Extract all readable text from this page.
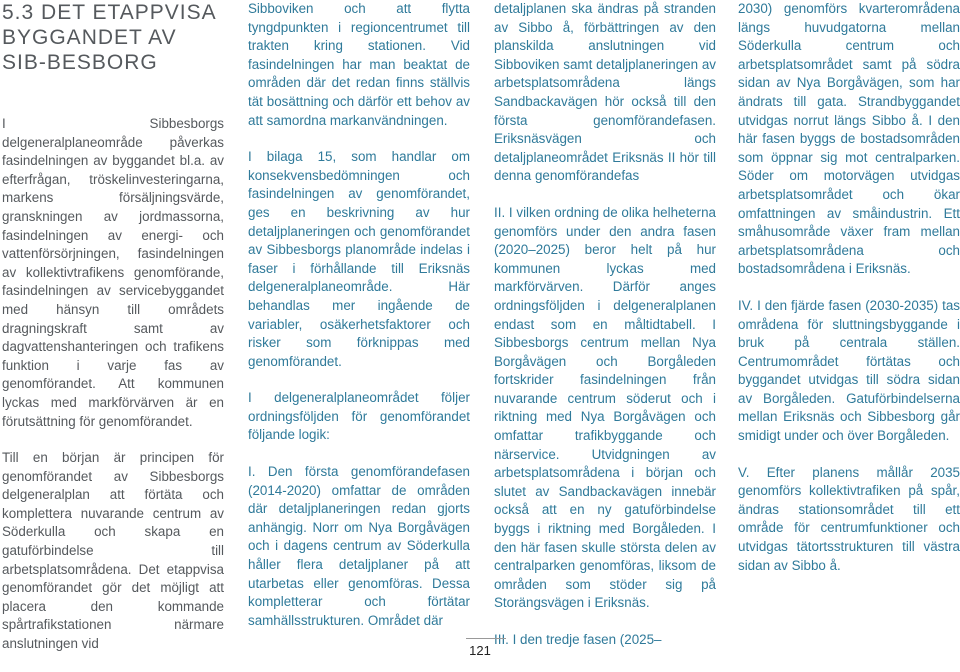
5.3 DET ETAPPVISA BYGGANDET AV SIB-BESBORG

I Sibbesborgs delgeneralplaneområde påverkas fasindelningen av byggandet bl.a. av efterfrågan, tröskelinvesteringarna, markens försäljningsvärde, granskningen av jordmassorna, fasindelningen av energi- och vattenförsörjningen, fasindelningen av kollektivtrafikens genomförande, fasindelningen av servicebyggandet med hänsyn till områdets dragningskraft samt av dagvattenshanteringen och trafikens funktion i varje fas av genomförandet. Att kommunen lyckas med markförvärven är en förutsättning för genomförandet.

Till en början är principen för genomförandet av Sibbesborgs delgeneralplan att förtäta och komplettera nuvarande centrum av Söderkulla och skapa en gatuförbindelse till arbetsplatsområdena. Det etappvisa genomförandet gör det möjligt att placera den kommande spårtrafikstationen närmare anslutningen vid

Sibboviken och att flytta tyngdpunkten i regioncentrumet till trakten kring stationen. Vid fasindelningen har man beaktat de områden där det redan finns ställvis tät bosättning och därför ett behov av att samordna markanvändningen.

I bilaga 15, som handlar om konsekvensbedömningen och fasindelningen av genomförandet, ges en beskrivning av hur detaljplaneringen och genomförandet av Sibbesborgs planområde indelas i faser i förhållande till Eriksnäs delgeneralplaneområde. Här behandlas mer ingående de variabler, osäkerhetsfaktorer och risker som förknippas med genomförandet.

I delgeneralplaneområdet följer ordningsföljden för genomförandet följande logik:

I. Den första genomförandefasen (2014-2020) omfattar de områden där detaljplaneringen redan gjorts anhängig. Norr om Nya Borgåvägen och i dagens centrum av Söderkulla håller flera detaljplaner på att utarbetas eller genomföras. Dessa kompletterar och förtätar samhällsstrukturen. Området där

detaljplanen ska ändras på stranden av Sibbo å, förbättringen av den planskilda anslutningen vid Sibboviken samt detaljplaneringen av arbetsplatsområdena längs Sandbackavägen hör också till den första genomförandefasen. Eriksnäsvägen och detaljplaneområdet Eriksnäs II hör till denna genomförandefas

II. I vilken ordning de olika helheterna genomförs under den andra fasen (2020–2025) beror helt på hur kommunen lyckas med markförvärven. Därför anges ordningsföljden i delgeneralplanen endast som en måltidtabell. I Sibbesborgs centrum mellan Nya Borgåvägen och Borgåleden fortskrider fasindelningen från nuvarande centrum söderut och i riktning med Nya Borgåvägen och omfattar trafikbyggande och närservice. Utvidgningen av arbetsplatsområdena i början och slutet av Sandbackavägen innebär också att en ny gatuförbindelse byggs i riktning med Borgåleden. I den här fasen skulle största delen av centralparken genomföras, liksom de områden som stöder sig på Storängsvägen i Eriksnäs.

III. I den tredje fasen (2025–

2030) genomförs kvarterområdena längs huvudgatorna mellan Söderkulla centrum och arbetsplatsområdet samt på södra sidan av Nya Borgåvägen, som har ändrats till gata. Strandbyggandet utvidgas norrut längs Sibbo å. I den här fasen byggs de bostadsområden som öppnar sig mot centralparken. Söder om motorvägen utvidgas arbetsplatsområdet och ökar omfattningen av småindustrin. Ett småhusområde växer fram mellan arbetsplatsområdena och bostadsområdena i Eriksnäs.

IV. I den fjärde fasen (2030-2035) tas områdena för sluttningsbyggande i bruk på centrala ställen. Centrumområdet förtätas och byggandet utvidgas till södra sidan av Borgåleden. Gatuförbindelserna mellan Eriksnäs och Sibbesborg går smidigt under och över Borgåleden.

V. Efter planens mållår 2035 genomförs kollektivtrafiken på spår, ändras stationsområdet till ett område för centrumfunktioner och utvidgas tätortsstrukturen till västra sidan av Sibbo å.

121
